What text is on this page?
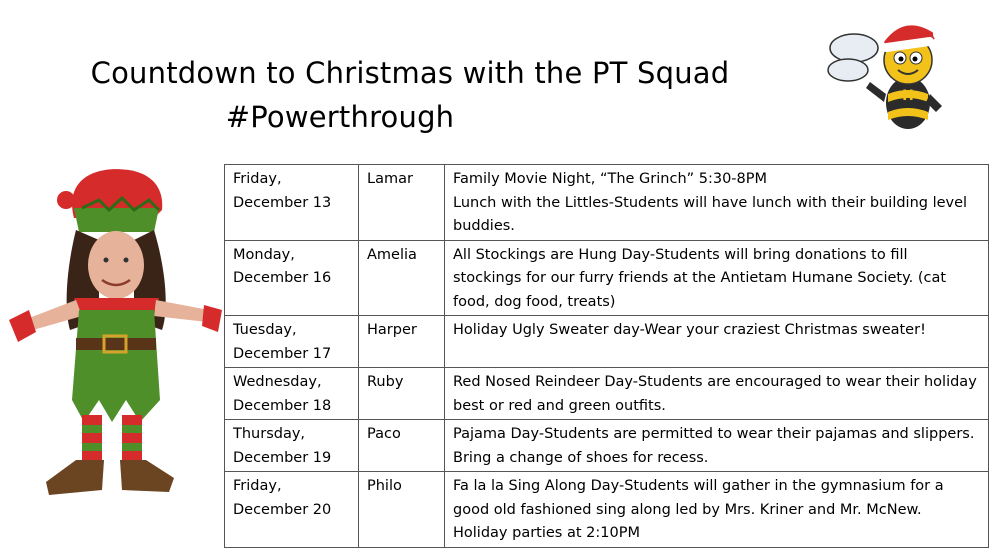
Countdown to Christmas with the PT Squad
#Powerthrough
H
Friday,
December 13	Lamar	Family Movie Night, “The Grinch” 5:30-8PM
Lunch with the Littles-Students will have lunch with their building level buddies.
Monday,
December 16	Amelia	All Stockings are Hung Day-Students will bring donations to fill stockings for our furry friends at the Antietam Humane Society. (cat food, dog food, treats)
Tuesday,
December 17	Harper	Holiday Ugly Sweater day-Wear your craziest Christmas sweater!
Wednesday,
December 18	Ruby	Red Nosed Reindeer Day-Students are encouraged to wear their holiday best or red and green outfits.
Thursday,
December 19	Paco	Pajama Day-Students are permitted to wear their pajamas and slippers. Bring a change of shoes for recess.
Friday,
December 20	Philo	Fa la la Sing Along Day-Students will gather in the gymnasium for a good old fashioned sing along led by Mrs. Kriner and Mr. McNew. Holiday parties at 2:10PM
